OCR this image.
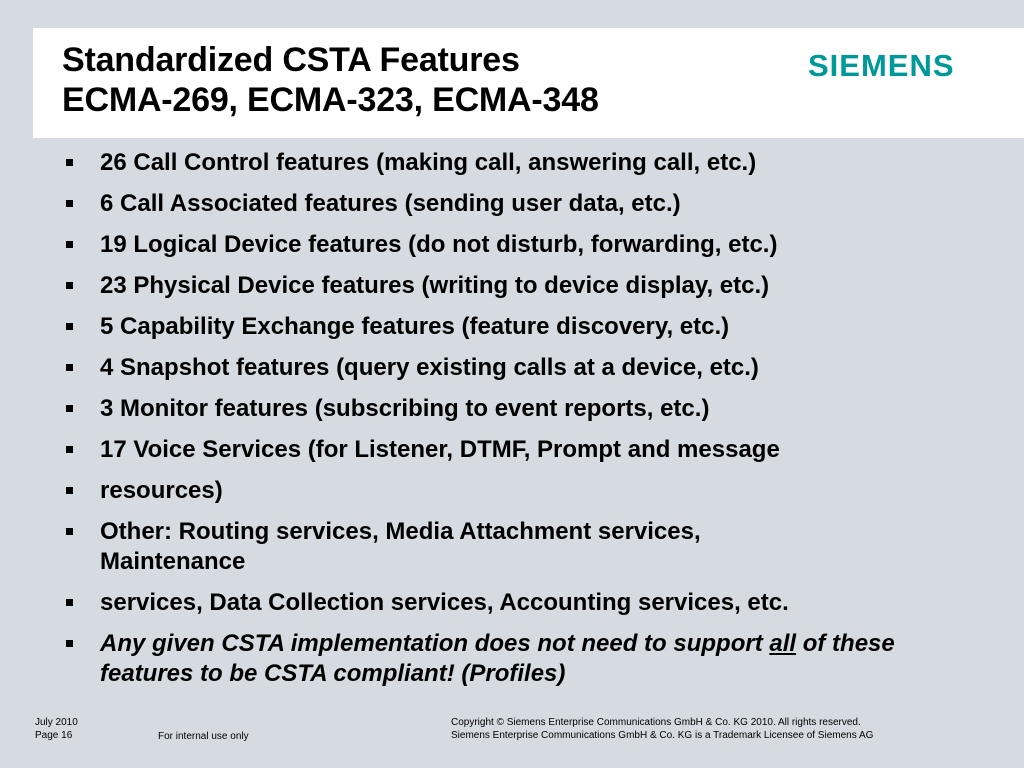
Standardized CSTA Features
ECMA-269, ECMA-323, ECMA-348
SIEMENS
26 Call Control features (making call, answering call, etc.)
6 Call Associated features (sending user data, etc.)
19 Logical Device features (do not disturb, forwarding, etc.)
23 Physical Device features (writing to device display, etc.)
5 Capability Exchange features (feature discovery, etc.)
4 Snapshot features (query existing calls at a device, etc.)
3 Monitor features (subscribing to event reports, etc.)
17 Voice Services (for Listener, DTMF, Prompt and message
resources)
Other: Routing services, Media Attachment services, Maintenance
services, Data Collection services, Accounting services, etc.
Any given CSTA implementation does not need to support all of these features to be CSTA compliant! (Profiles)
July 2010
Page 16	For internal use only
Copyright © Siemens Enterprise Communications GmbH & Co. KG 2010. All rights reserved.
Siemens Enterprise Communications GmbH & Co. KG is a Trademark Licensee of Siemens AG
